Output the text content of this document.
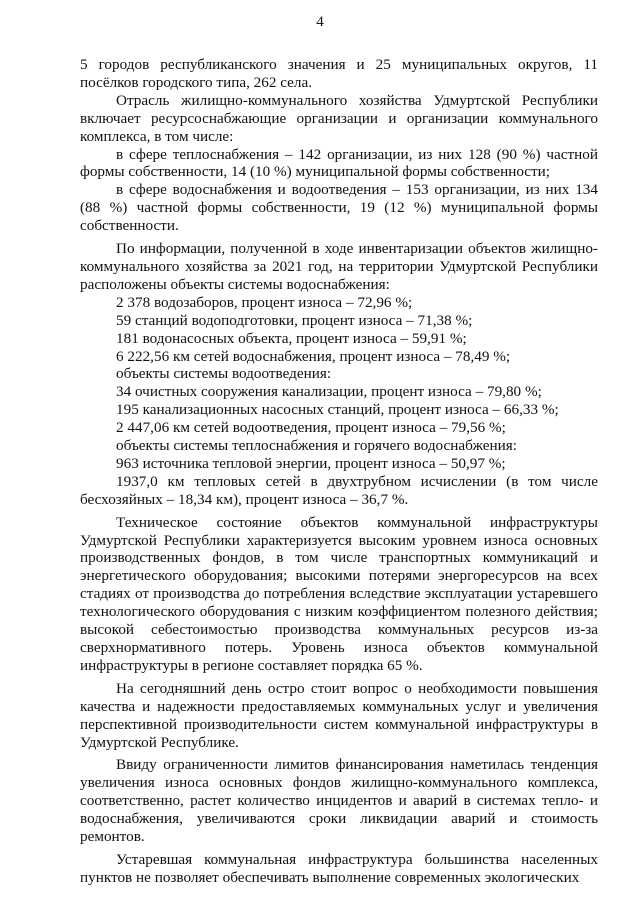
4

5 городов республиканского значения и 25 муниципальных округов, 11 посёлков городского типа, 262 села.

Отрасль жилищно-коммунального хозяйства Удмуртской Республики включает ресурсоснабжающие организации и организации коммунального комплекса, в том числе:

в сфере теплоснабжения – 142 организации, из них 128 (90 %) частной формы собственности, 14 (10 %) муниципальной формы собственности;

в сфере водоснабжения и водоотведения – 153 организации, из них 134 (88 %) частной формы собственности, 19 (12 %) муниципальной формы собственности.

По информации, полученной в ходе инвентаризации объектов жилищно-коммунального хозяйства за 2021 год, на территории Удмуртской Республики расположены объекты системы водоснабжения:

2 378 водозаборов, процент износа – 72,96 %;

59 станций водоподготовки, процент износа – 71,38 %;

181 водонасосных объекта, процент износа – 59,91 %;

6 222,56 км сетей водоснабжения, процент износа – 78,49 %;

объекты системы водоотведения:

34 очистных сооружения канализации, процент износа – 79,80 %;

195 канализационных насосных станций, процент износа – 66,33 %;

2 447,06 км сетей водоотведения, процент износа – 79,56 %;

объекты системы теплоснабжения и горячего водоснабжения:

963 источника тепловой энергии, процент износа – 50,97 %;

1937,0 км тепловых сетей в двухтрубном исчислении (в том числе бесхозяйных – 18,34 км), процент износа – 36,7 %.

Техническое состояние объектов коммунальной инфраструктуры Удмуртской Республики характеризуется высоким уровнем износа основных производственных фондов, в том числе транспортных коммуникаций и энергетического оборудования; высокими потерями энергоресурсов на всех стадиях от производства до потребления вследствие эксплуатации устаревшего технологического оборудования с низким коэффициентом полезного действия; высокой себестоимостью производства коммунальных ресурсов из-за сверхнормативного потерь. Уровень износа объектов коммунальной инфраструктуры в регионе составляет порядка 65 %.

На сегодняшний день остро стоит вопрос о необходимости повышения качества и надежности предоставляемых коммунальных услуг и увеличения перспективной производительности систем коммунальной инфраструктуры в Удмуртской Республике.

Ввиду ограниченности лимитов финансирования наметилась тенденция увеличения износа основных фондов жилищно-коммунального комплекса, соответственно, растет количество инцидентов и аварий в системах тепло- и водоснабжения, увеличиваются сроки ликвидации аварий и стоимость ремонтов.

Устаревшая коммунальная инфраструктура большинства населенных пунктов не позволяет обеспечивать выполнение современных экологических
